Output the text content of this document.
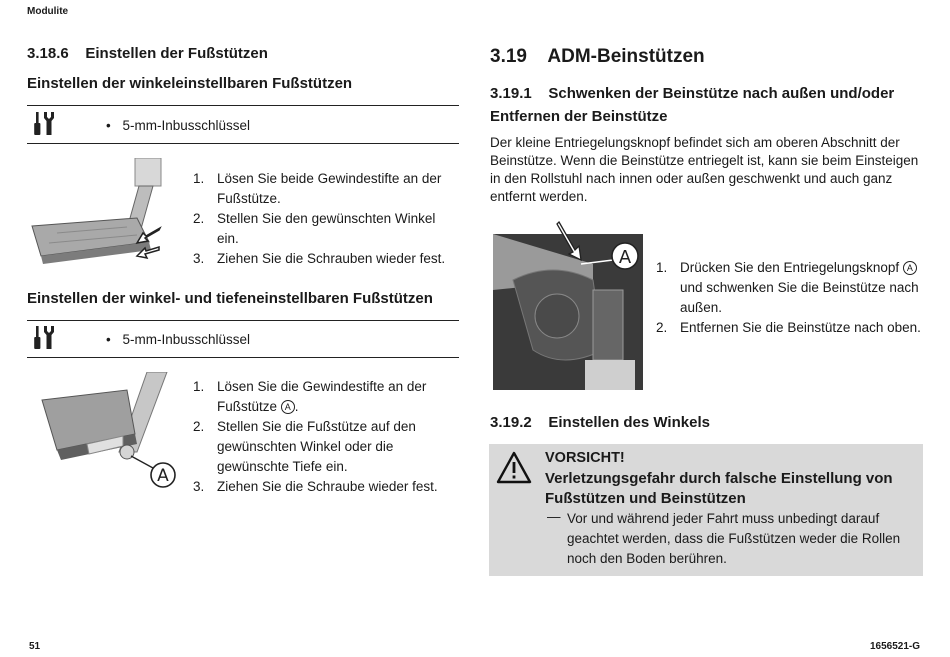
Modulite
3.18.6    Einstellen der Fußstützen
Einstellen der winkeleinstellbaren Fußstützen
• 5-mm-Inbusschlüssel
1. Lösen Sie beide Gewindestifte an der Fußstütze.
2. Stellen Sie den gewünschten Winkel ein.
3. Ziehen Sie die Schrauben wieder fest.
Einstellen der winkel- und tiefeneinstellbaren Fußstützen
• 5-mm-Inbusschlüssel
A
1. Lösen Sie die Gewindestifte an der Fußstütze A .
2. Stellen Sie die Fußstütze auf den gewünschten Winkel oder die gewünschte Tiefe ein.
3. Ziehen Sie die Schraube wieder fest.
3.19    ADM-Beinstützen
3.19.1    Schwenken der Beinstütze nach außen und/oder Entfernen der Beinstütze
Der kleine Entriegelungsknopf befindet sich am oberen Abschnitt der Beinstütze. Wenn die Beinstütze entriegelt ist, kann sie beim Einsteigen in den Rollstuhl nach innen oder außen geschwenkt und auch ganz entfernt werden.
A 1. Drücken Sie den Entriegelungsknopf A und schwenken Sie die Beinstütze nach außen.
2. Entfernen Sie die Beinstütze nach oben.
3.19.2    Einstellen des Winkels
VORSICHT!
Verletzungsgefahr durch falsche Einstellung von Fußstützen und Beinstützen
— Vor und während jeder Fahrt muss unbedingt darauf geachtet werden, dass die Fußstützen weder die Rollen noch den Boden berühren.
51	1656521-G
